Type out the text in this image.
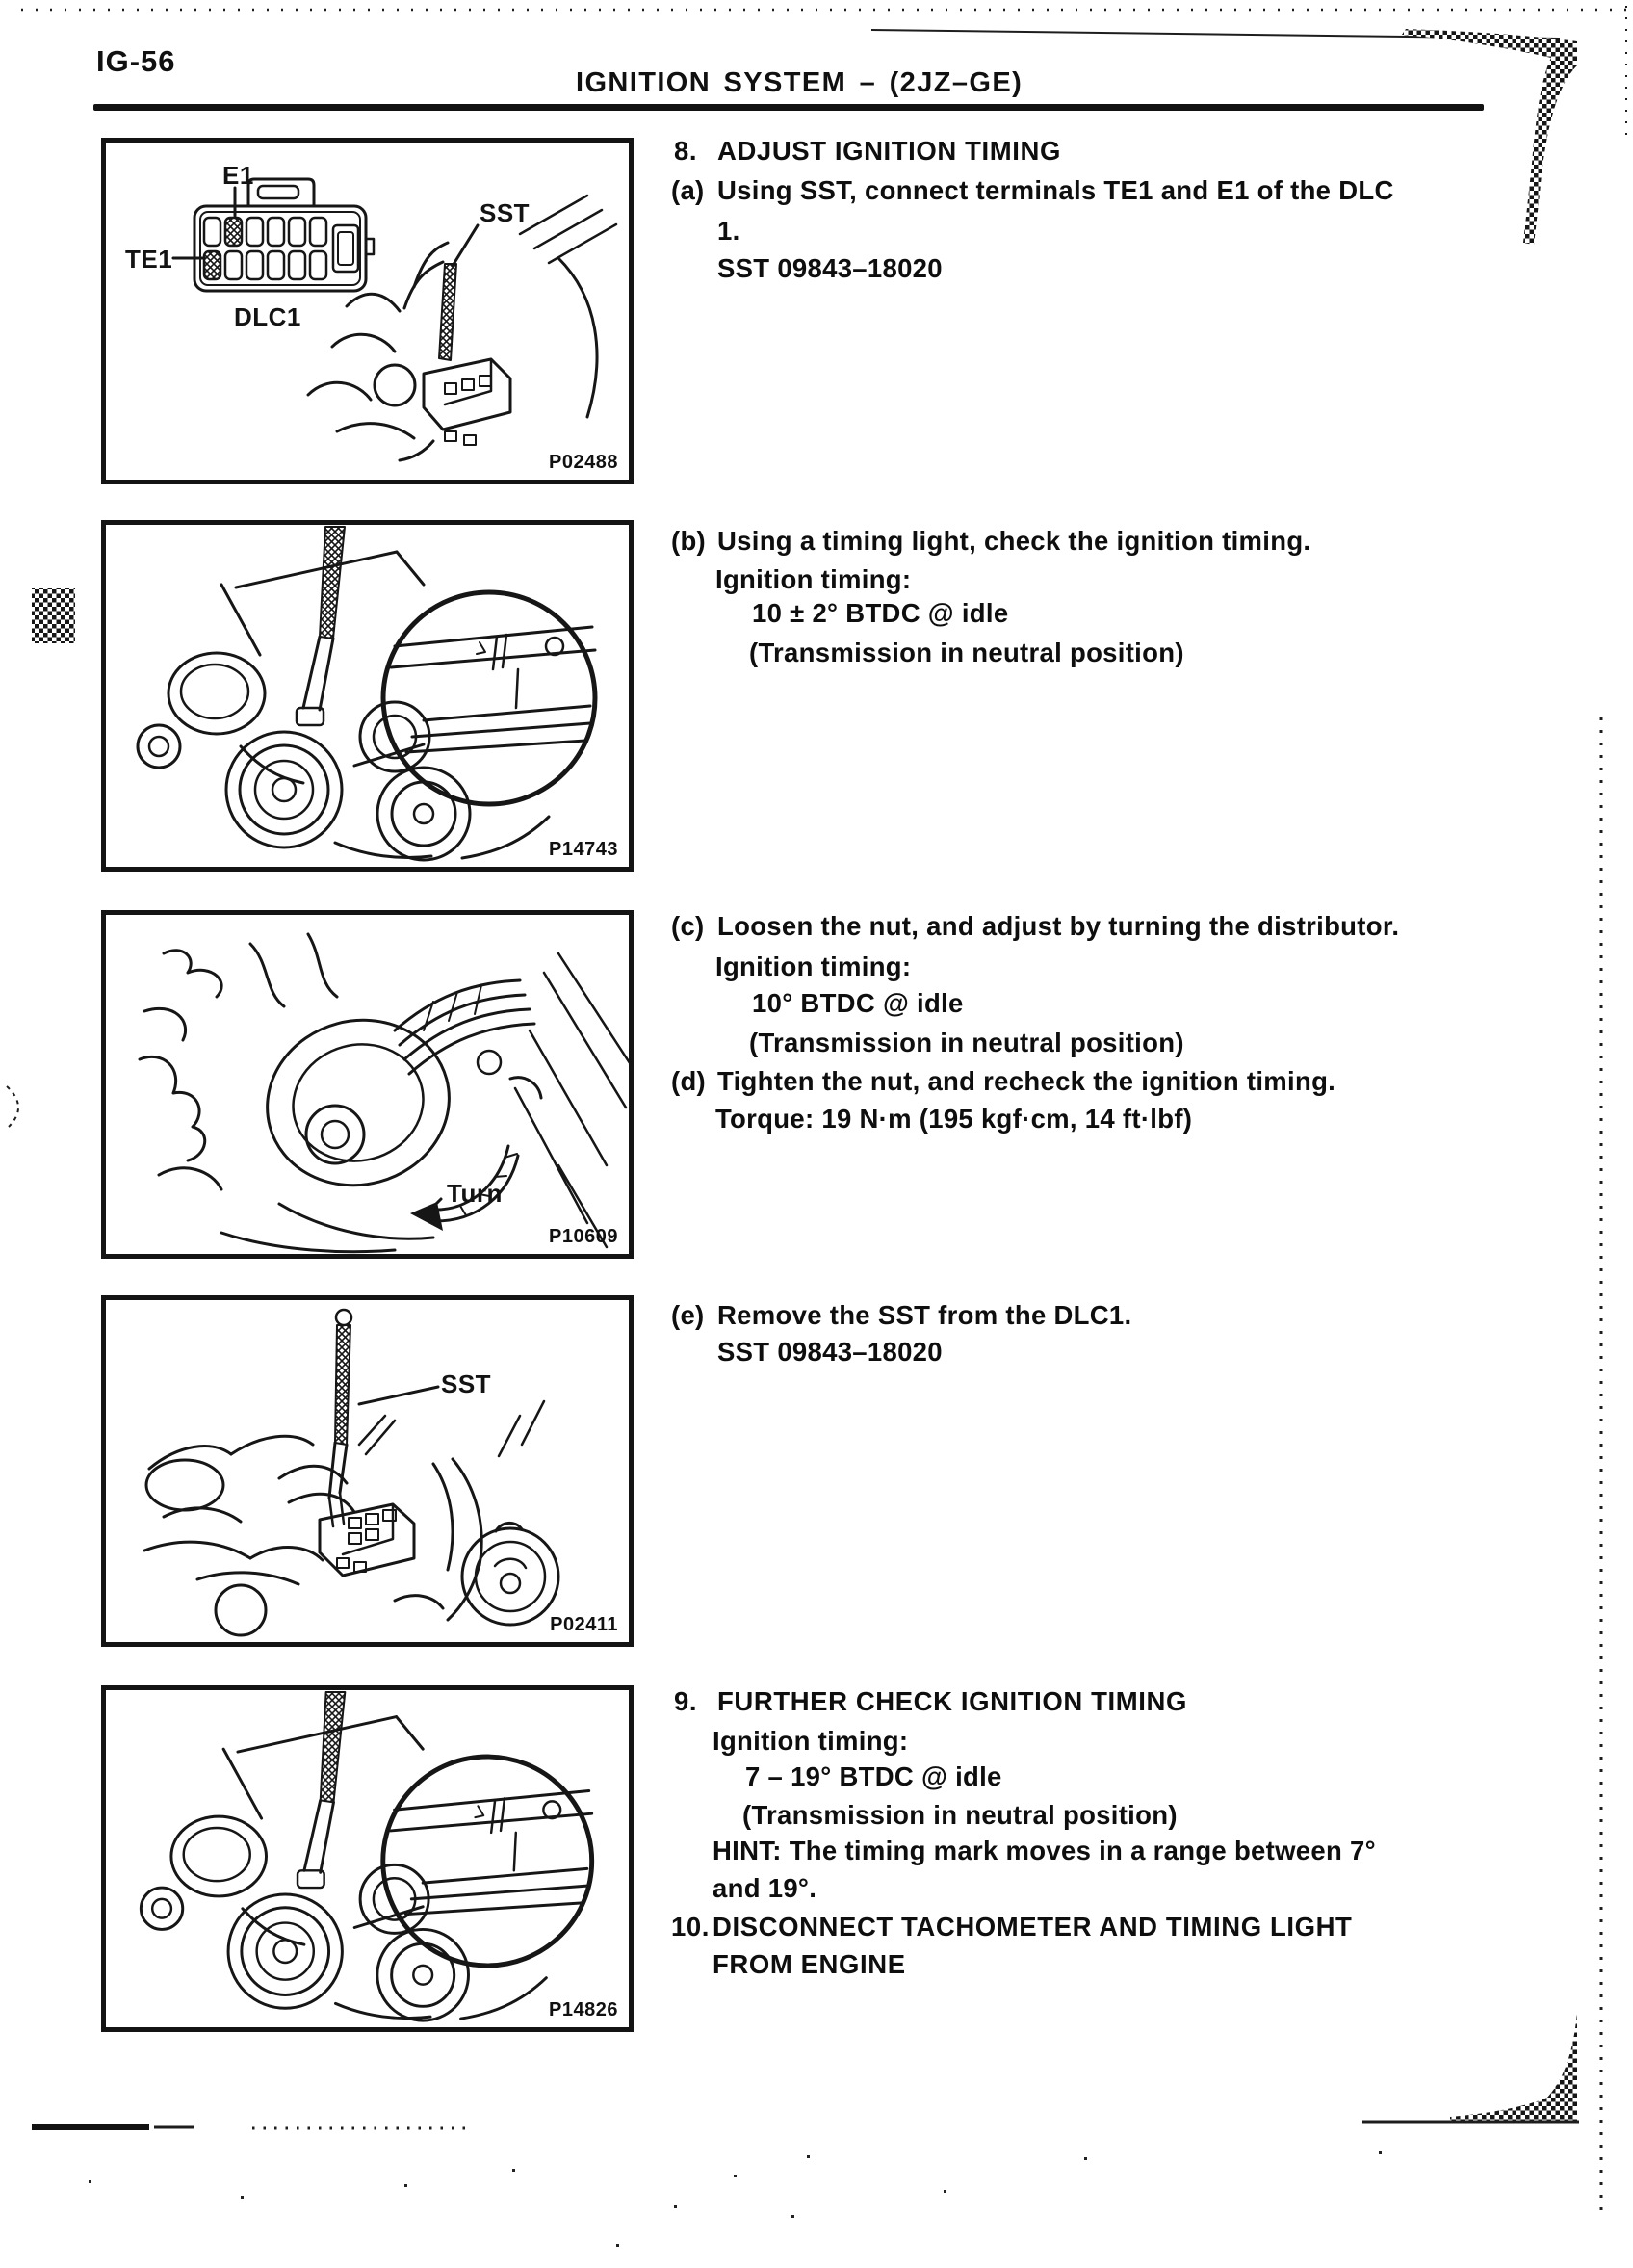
IG-56
IGNITION SYSTEM – (2JZ–GE)
E1
TE1
DLC1
SST
P02488
P14743
Turn
P10609
SST
P02411
P14826
8. ADJUST IGNITION TIMING
(a) Using SST, connect terminals TE1 and E1 of the DLC
1.
SST 09843–18020
(b) Using a timing light, check the ignition timing.
Ignition timing:
10 ± 2° BTDC @ idle
(Transmission in neutral position)
(c) Loosen the nut, and adjust by turning the distributor.
Ignition timing:
10° BTDC @ idle
(Transmission in neutral position)
(d) Tighten the nut, and recheck the ignition timing.
Torque: 19 N·m (195 kgf·cm, 14 ft·lbf)
(e) Remove the SST from the DLC1.
SST 09843–18020
9. FURTHER CHECK IGNITION TIMING
Ignition timing:
7 – 19° BTDC @ idle
(Transmission in neutral position)
HINT: The timing mark moves in a range between 7°
and 19°.
10. DISCONNECT TACHOMETER AND TIMING LIGHT
FROM ENGINE
